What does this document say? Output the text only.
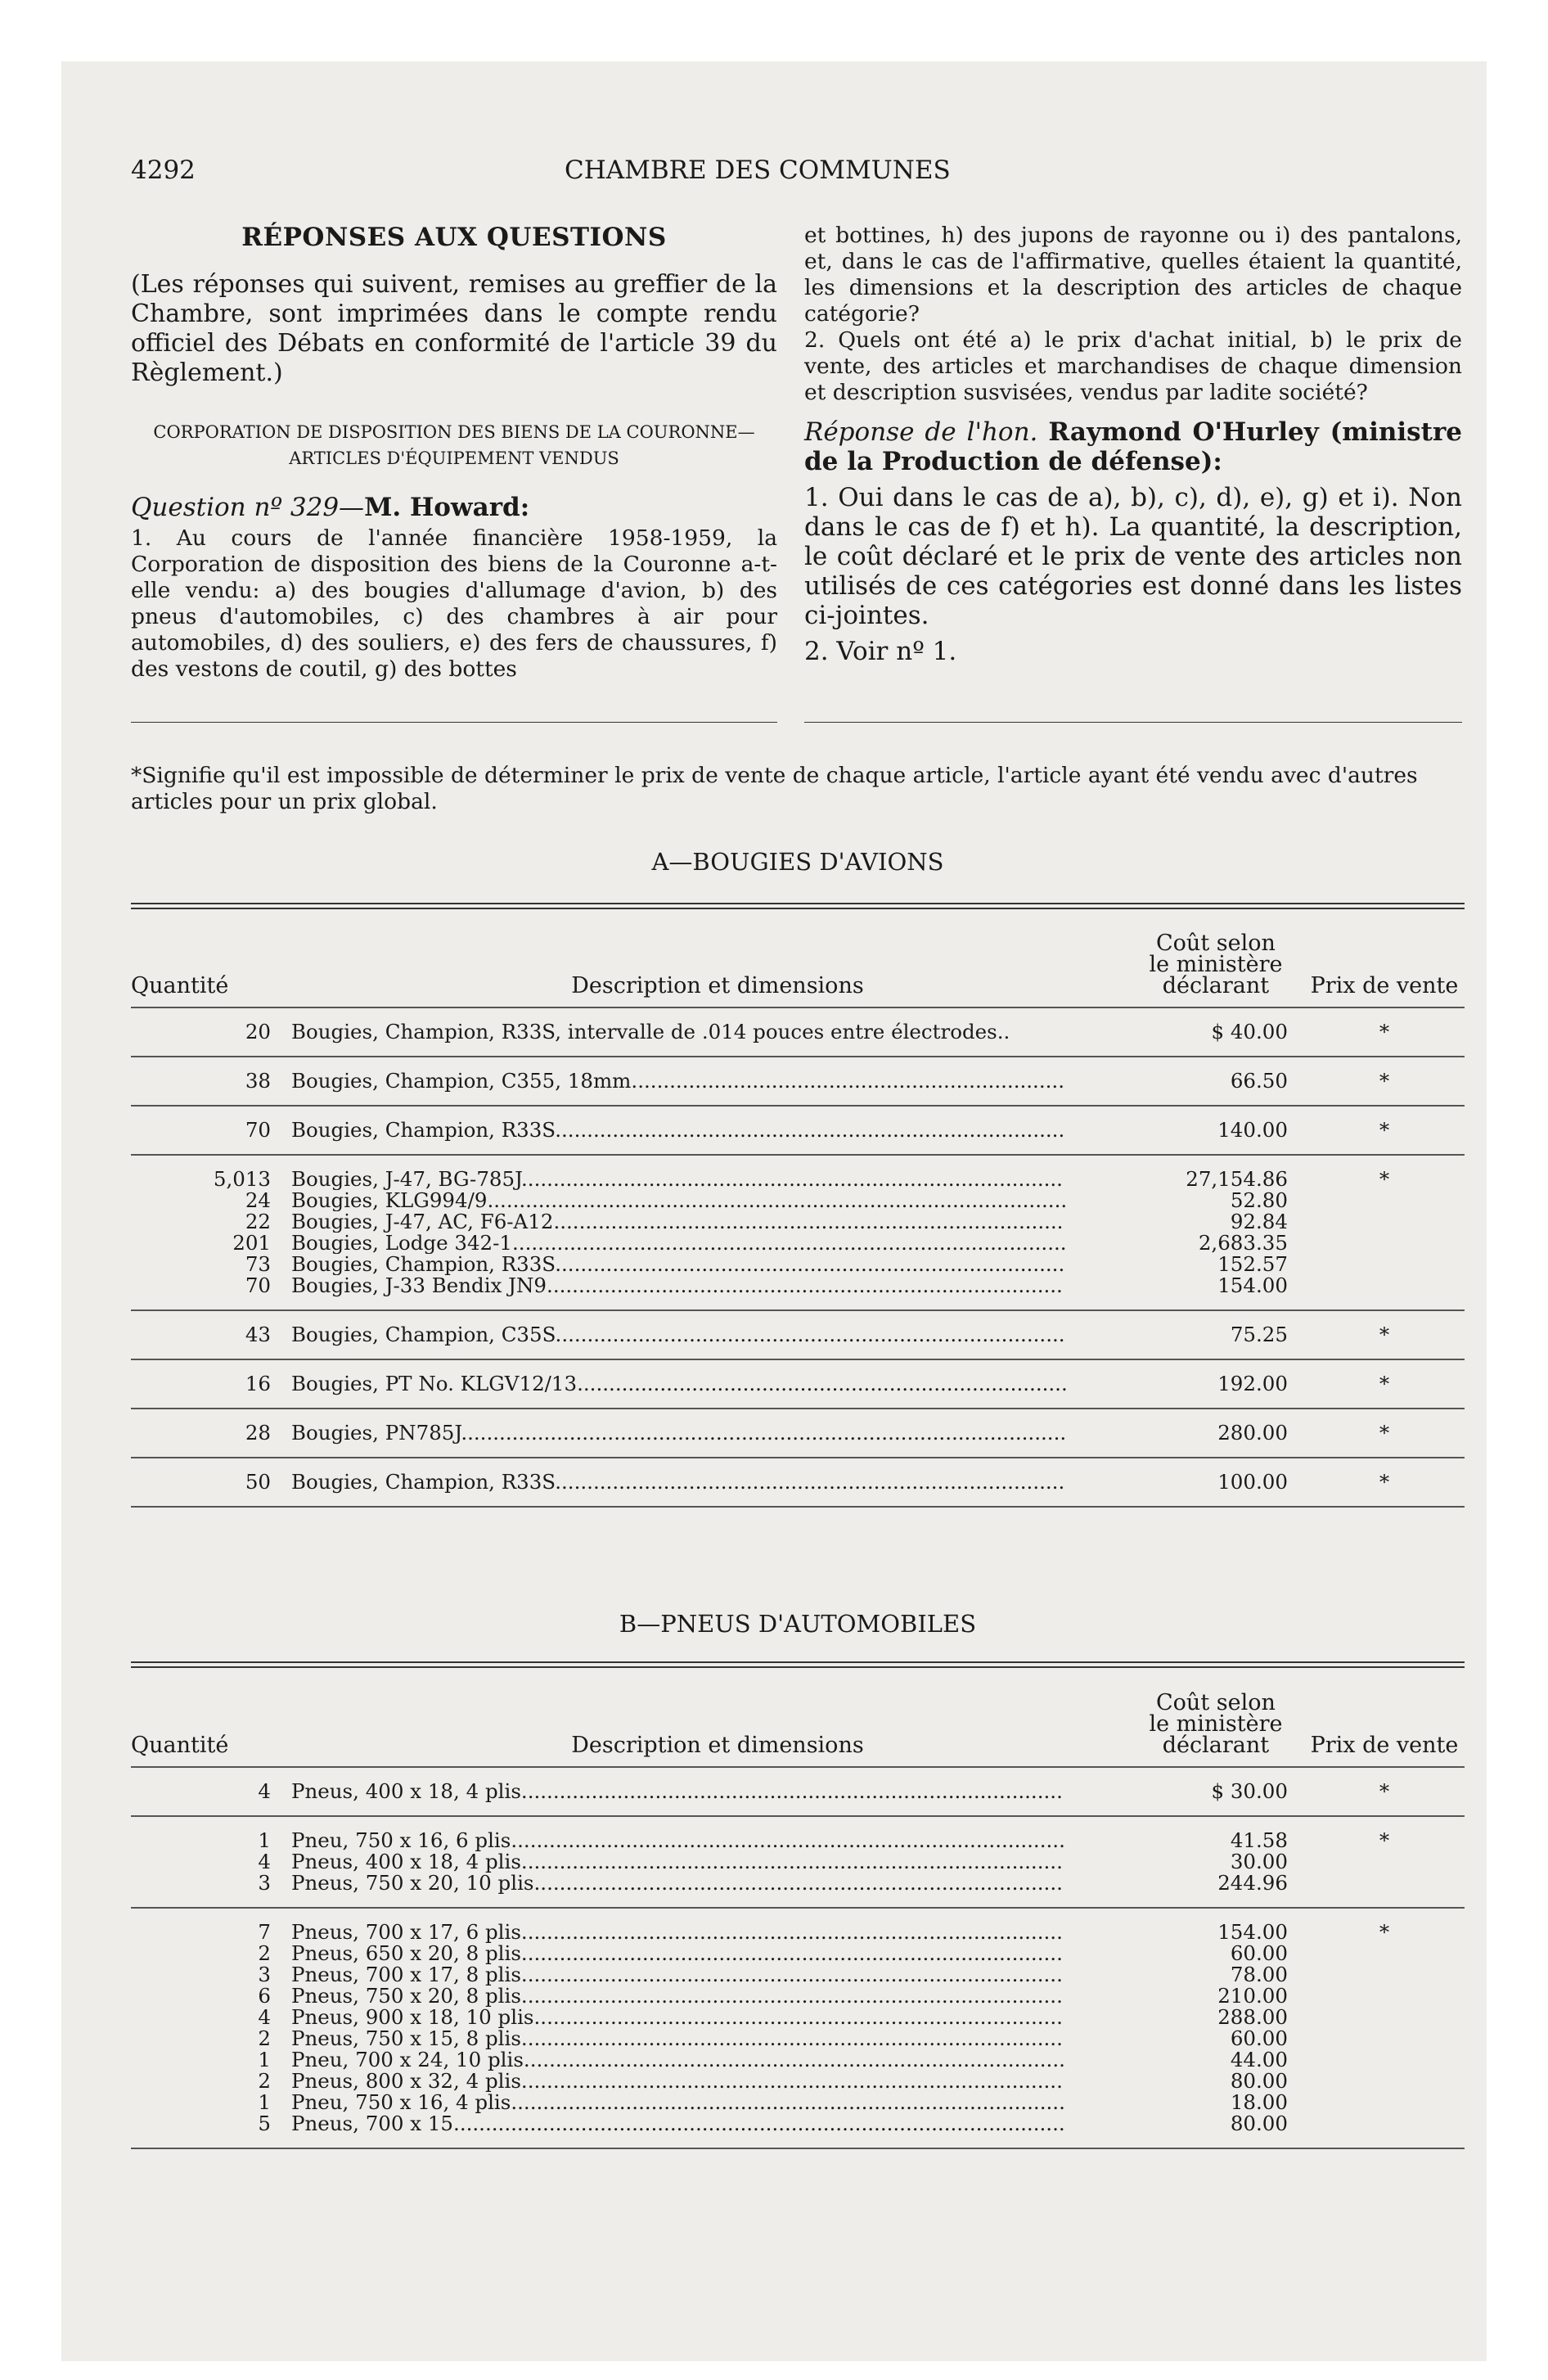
4292	CHAMBRE DES COMMUNES
RÉPONSES AUX QUESTIONS
(Les réponses qui suivent, remises au greffier de la Chambre, sont imprimées dans le compte rendu officiel des Débats en conformité de l'article 39 du Règlement.)
CORPORATION DE DISPOSITION DES BIENS DE LA COURONNE—ARTICLES D'ÉQUIPEMENT VENDUS
Question nº 329—M. Howard:
1. Au cours de l'année financière 1958-1959, la Corporation de disposition des biens de la Couronne a-t-elle vendu: a) des bougies d'allumage d'avion, b) des pneus d'automobiles, c) des chambres à air pour automobiles, d) des souliers, e) des fers de chaussures, f) des vestons de coutil, g) des bottes
et bottines, h) des jupons de rayonne ou i) des pantalons, et, dans le cas de l'affirmative, quelles étaient la quantité, les dimensions et la description des articles de chaque catégorie?
2. Quels ont été a) le prix d'achat initial, b) le prix de vente, des articles et marchandises de chaque dimension et description susvisées, vendus par ladite société?
Réponse de l'hon. Raymond O'Hurley (ministre de la Production de défense):
1. Oui dans le cas de a), b), c), d), e), g) et i). Non dans le cas de f) et h). La quantité, la description, le coût déclaré et le prix de vente des articles non utilisés de ces catégories est donné dans les listes ci-jointes.
2. Voir nº 1.
*Signifie qu'il est impossible de déterminer le prix de vente de chaque article, l'article ayant été vendu avec d'autres articles pour un prix global.
A—BOUGIES D'AVIONS
Quantité	Description et dimensions	Coût selon le ministère déclarant	Prix de vente
20	Bougies, Champion, R33S, intervalle de .014 pouces entre électrodes..	$ 40.00	*
38	Bougies, Champion, C355, 18mm....................................................................	66.50	*
70	Bougies, Champion, R33S................................................................................	140.00	*
5,013	Bougies, J-47, BG-785J.....................................................................................	27,154.86	*
24	Bougies, KLG994/9...........................................................................................	52.80	
22	Bougies, J-47, AC, F6-A12................................................................................	92.84	
201	Bougies, Lodge 342-1.......................................................................................	2,683.35	
73	Bougies, Champion, R33S................................................................................	152.57	
70	Bougies, J-33 Bendix JN9.................................................................................	154.00	
43	Bougies, Champion, C35S................................................................................	75.25	*
16	Bougies, PT No. KLGV12/13.............................................................................	192.00	*
28	Bougies, PN785J...............................................................................................	280.00	*
50	Bougies, Champion, R33S................................................................................	100.00	*

B—PNEUS D'AUTOMOBILES
Quantité	Description et dimensions	Coût selon le ministère déclarant	Prix de vente
4	Pneus, 400 x 18, 4 plis.....................................................................................	$ 30.00	*
1	Pneu, 750 x 16, 6 plis.......................................................................................	41.58	*
4	Pneus, 400 x 18, 4 plis.....................................................................................	30.00	
3	Pneus, 750 x 20, 10 plis...................................................................................	244.96	
7	Pneus, 700 x 17, 6 plis.....................................................................................	154.00	*
2	Pneus, 650 x 20, 8 plis.....................................................................................	60.00	
3	Pneus, 700 x 17, 8 plis.....................................................................................	78.00	
6	Pneus, 750 x 20, 8 plis.....................................................................................	210.00	
4	Pneus, 900 x 18, 10 plis...................................................................................	288.00	
2	Pneus, 750 x 15, 8 plis.....................................................................................	60.00	
1	Pneu, 700 x 24, 10 plis.....................................................................................	44.00	
2	Pneus, 800 x 32, 4 plis.....................................................................................	80.00	
1	Pneu, 750 x 16, 4 plis.......................................................................................	18.00	
5	Pneus, 700 x 15................................................................................................	80.00	
